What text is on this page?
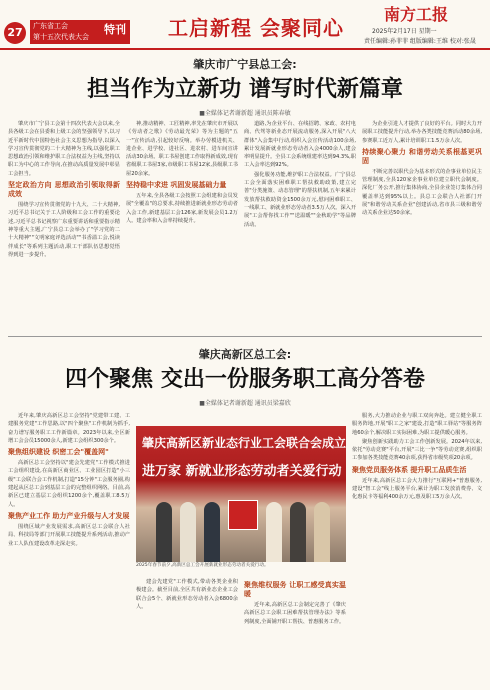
27	广东省工会
第十五次代表大会
特刊 工启新程 会聚同心
南方工报
2025年2月17日 星期一
责任编辑:孙菲菲 组版编辑:王维 校对:张晟
肇庆市广宁县总工会:
担当作为立新功 谱写时代新篇章
■全媒体记者谢新超 通讯员陈春敏

肇庆市广宁县工会第十四次代表大会以来,全县各级工会在县委和上级工会的坚强领导下,以习近平新时代中国特色社会主义思想为指导,以深入学习宣传贯彻党的二十大精神为主线,以强化职工思想政治引领和维护职工合法权益为主线,坚持以职工为中心的工作导向,在推动高质量发展中彰显工会担当。

坚定政治方向 思想政治引领取得新成效

围绕学习宣传贯彻党的十九大、二十大精神,习近平总书记关于工人阶级和工会工作的重要论述,习近平总书记视察广东重要讲话和重要指示精神等重大主题,广宁县总工会举办了"学习党的二十大精神""文明家庭评选活动""书香溢工会,悦读伴成长"等系列主题活动,职工干部队伍思想觉悟得到进一步提升。

神,推动精神、工匠精神,率先在肇庆市开展以《劳动者之歌》《劳动最光荣》等为主题的"五一"宣传活动,引起较好反响。举办劳模进机关、进企业、进学校、进社区、进农村、进车间宣讲活动30余场。职工书屋创建工作取得新成效,现有省级职工书屋3家,市级职工书屋12家,县级职工书屋20余家。

坚持稳中求进 巩固发展基础力量

五年来,全县各级工会按照工会组建和会员发展"全覆盖"的总要求,持续推进新就业形态劳动者入会工作,新建基层工会126家,新发展会员1.2万人。建会率和入会率持续提升。

道路,为企业平台、在线招聘、家政、农村电商、代驾等新业态开展流动服务,深入开展"八大群体"入会集中行动,组织入会宣传活动100余场,累计发展新就业形态劳动者入会4000余人,建会率明显提升。全县工会系统组建率达到94.3%,职工入会率达到92%。

强化服务功能,维护职工合法权益。广宁县总工会全面落实困难职工帮扶救助政策,建立完善"分类施策、动态管理"的帮扶机制,五年来累计发放帮扶救助资金1500余万元,慰问困难职工、一线职工、新就业形态劳动者3.5万人次。深入开展"工会帮你找工作""送温暖""金秋助学"等品牌活动。

为企业引进人才提供了良好的平台。同时大力开展职工技能提升行动,举办各类技能竞赛活动80余场,参赛职工近万人,累计培训职工1.5万余人次。

持续聚心聚力 和谐劳动关系根基更巩固

不断完善以职代会为基本形式的企事业单位民主管理制度,全县120家企事业单位建立职代会制度。深化厂务公开,推行集体协商,全县企业签订集体合同覆盖率达到95%以上。县总工会联合人社部门开展"和谐劳动关系企业"创建活动,省市县三级和谐劳动关系企业达50余家。

肇庆高新区总工会:
四个聚焦 交出一份服务职工高分答卷
■全媒体记者谢新超 通讯员梁嘉欣

近年来,肇庆高新区总工会坚持"党建带工建、工建服务党建"工作思路,以"四个聚焦"工作机制为抓手,奋力谱写服务职工工作新篇章。2023年以来,全区新增工会会员15000余人,新建工会组织300余个。

聚焦组织建设 织密工会"覆盖网"

高新区总工会坚持以"建会先建党"工作模式推进工会组织建设,在高新区商业区、工业园区打造"小三级"工会联合会工作机制,打造"15分钟"工会服务圈,构建起从区总工会到基层工会的完整组织网络。目前,高新区已建立基层工会组织1200余个,覆盖职工8.5万人。

聚焦产业工作 助力产业升级与人才发展

围绕区域产业发展需求,高新区总工会联合人社局、科技局等部门开展职工技能提升系列活动,推动产业工人队伍建设改革走深走实。

肇庆高新区新业态行业工会联合会成立
进万家 新就业形态劳动者关爱行动
2025年春节前夕,高新区总工会开展新就业形态劳动者关爱行动。

建会先建党"工作模式,带动各类企业积极建会。截至目前,全区共有新业态企业工会联合会5个、新就业形态劳动者入会6800余人。

聚焦维权服务 让职工感受真实温暖

近年来,高新区总工会制定完善了《肇庆高新区总工会职工困难帮扶管理办法》等系列制度,全面铺开职工帮扶、普惠服务工作。

服务,大力推动企业与职工双向奔赴。建立健全职工服务阵地,开展"职工之家"建设,打造"职工驿站"等服务阵地60余个,解决职工实际困难,为职工提供暖心服务。

聚焦创新实践助力工会工作创新发展。2024年以来,依托"劳动竞赛"平台,开展"三比一争"等劳动竞赛,组织职工参加各类技能竞赛40余项,获得省市级奖项20余项。

聚焦党员服务体系 提升职工品质生活

近年来,高新区总工会大力推行"互联网+"普惠服务,建设"智工会"线上服务平台,累计为职工发放消费券、文化惠民卡等福利400余万元,惠及职工5万余人次。
